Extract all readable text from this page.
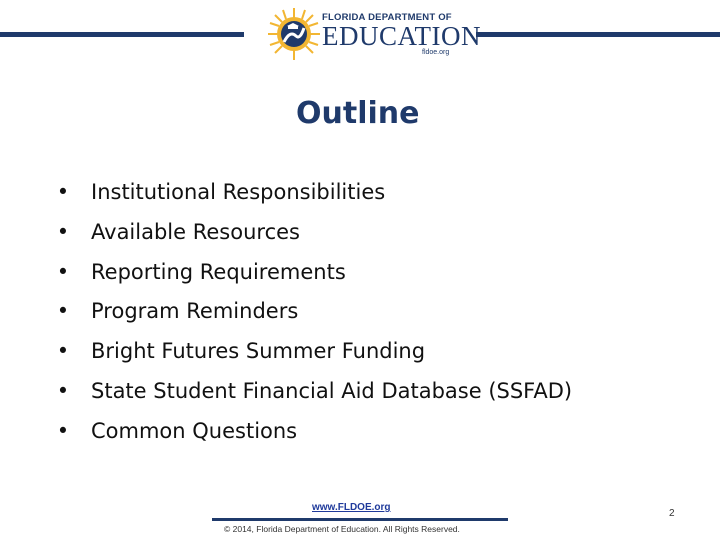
FLORIDA DEPARTMENT OF
EDUCATION
fldoe.org
Outline
• Institutional Responsibilities
• Available Resources
• Reporting Requirements
• Program Reminders
• Bright Futures Summer Funding
• State Student Financial Aid Database (SSFAD)
• Common Questions
www.FLDOE.org
© 2014, Florida Department of Education. All Rights Reserved.
2
